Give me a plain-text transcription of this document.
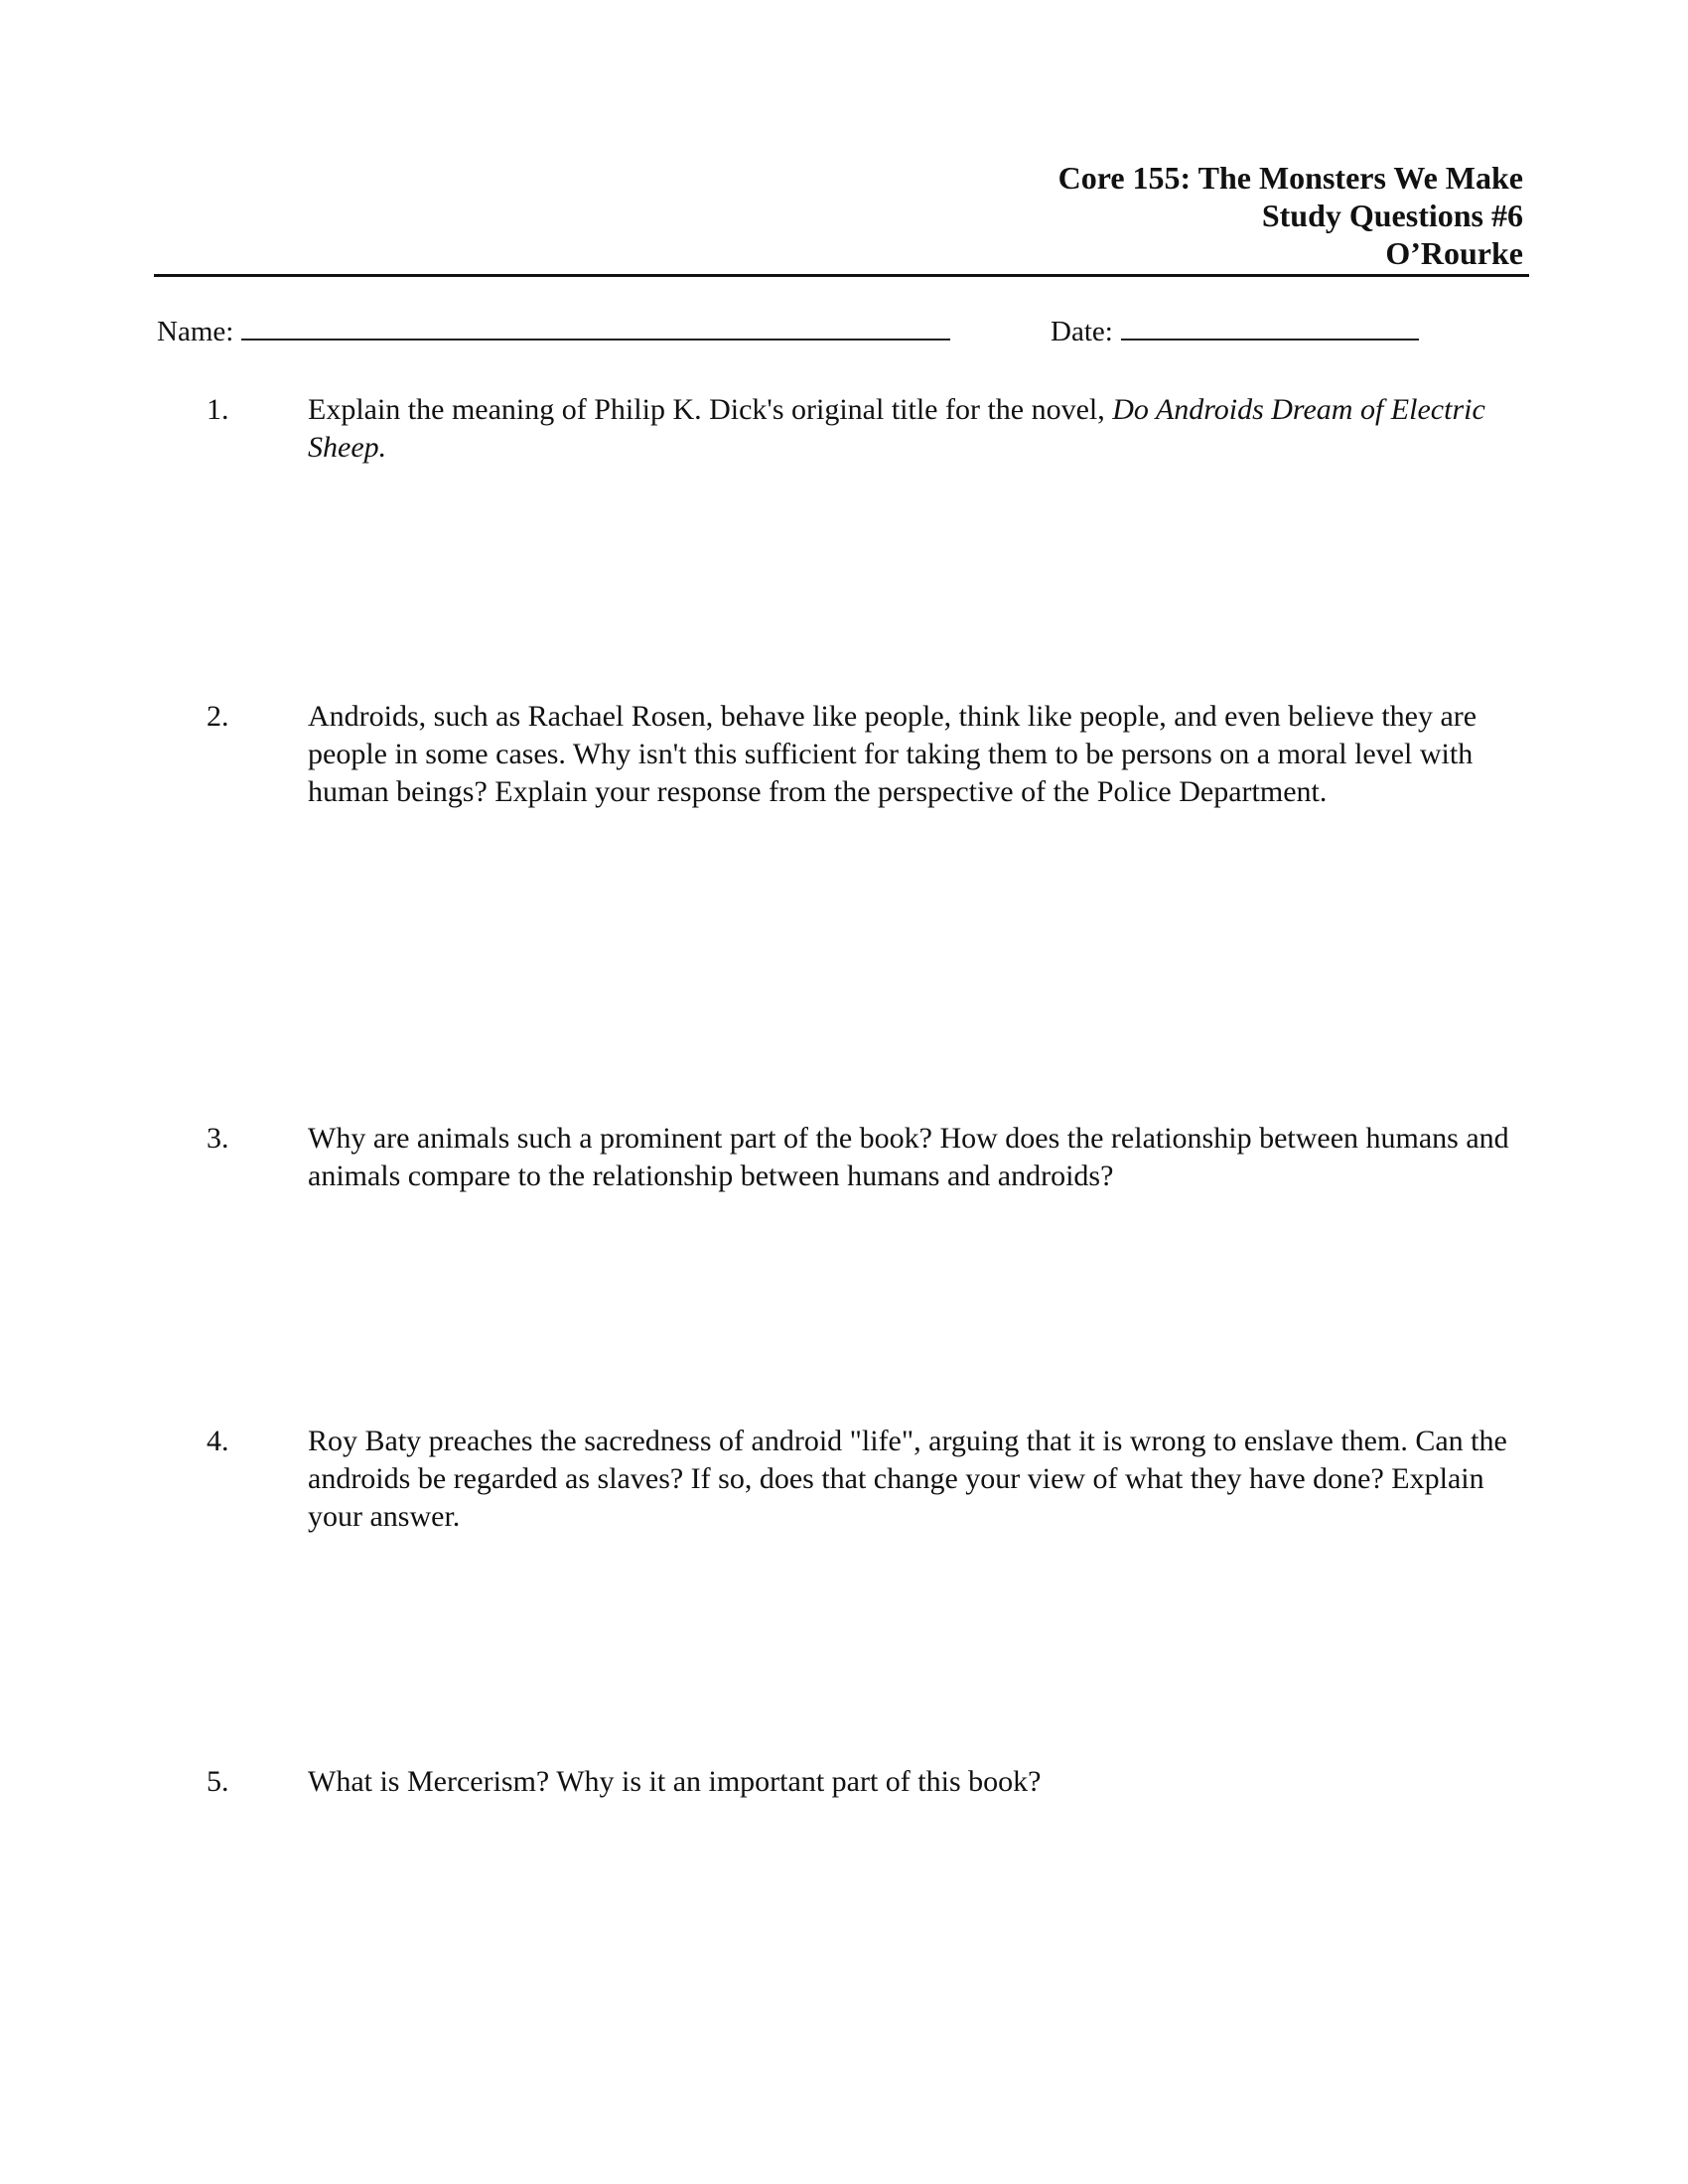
Core 155: The Monsters We Make
Study Questions #6
O’Rourke
Name:	Date:
1.	Explain the meaning of Philip K. Dick's original title for the novel, Do Androids Dream of Electric Sheep.
2.	Androids, such as Rachael Rosen, behave like people, think like people, and even believe they are people in some cases. Why isn't this sufficient for taking them to be persons on a moral level with human beings? Explain your response from the perspective of the Police Department.
3.	Why are animals such a prominent part of the book? How does the relationship between humans and animals compare to the relationship between humans and androids?
4.	Roy Baty preaches the sacredness of android "life", arguing that it is wrong to enslave them. Can the androids be regarded as slaves? If so, does that change your view of what they have done? Explain your answer.
5.	What is Mercerism? Why is it an important part of this book?
